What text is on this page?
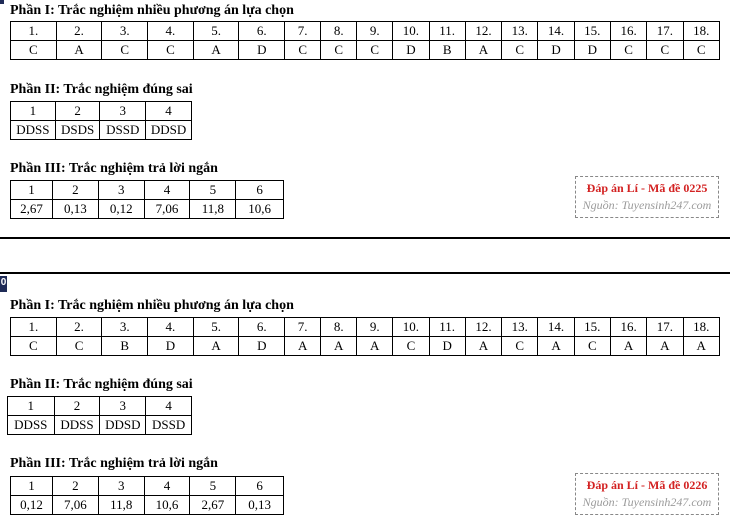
Phần I: Trắc nghiệm nhiều phương án lựa chọn
1.	2.	3.	4.	5.	6.	7.	8.	9.	10.	11.	12.	13.	14.	15.	16.	17.	18.
C	A	C	C	A	D	C	C	C	D	B	A	C	D	D	C	C	C
Phần II: Trắc nghiệm đúng sai
1	2	3	4
DDSS	DSDS	DSSD	DDSD
Phần III: Trắc nghiệm trả lời ngắn
1	2	3	4	5	6
2,67	0,13	0,12	7,06	11,8	10,6
Đáp án Lí - Mã đề 0225
Nguồn: Tuyensinh247.com
0
Phần I: Trắc nghiệm nhiều phương án lựa chọn
1.	2.	3.	4.	5.	6.	7.	8.	9.	10.	11.	12.	13.	14.	15.	16.	17.	18.
C	C	B	D	A	D	A	A	A	C	D	A	C	A	C	A	A	A
Phần II: Trắc nghiệm đúng sai
1	2	3	4
DDSS	DDSS	DDSD	DSSD
Phần III: Trắc nghiệm trả lời ngắn
1	2	3	4	5	6
0,12	7,06	11,8	10,6	2,67	0,13
Đáp án Lí - Mã đề 0226
Nguồn: Tuyensinh247.com
